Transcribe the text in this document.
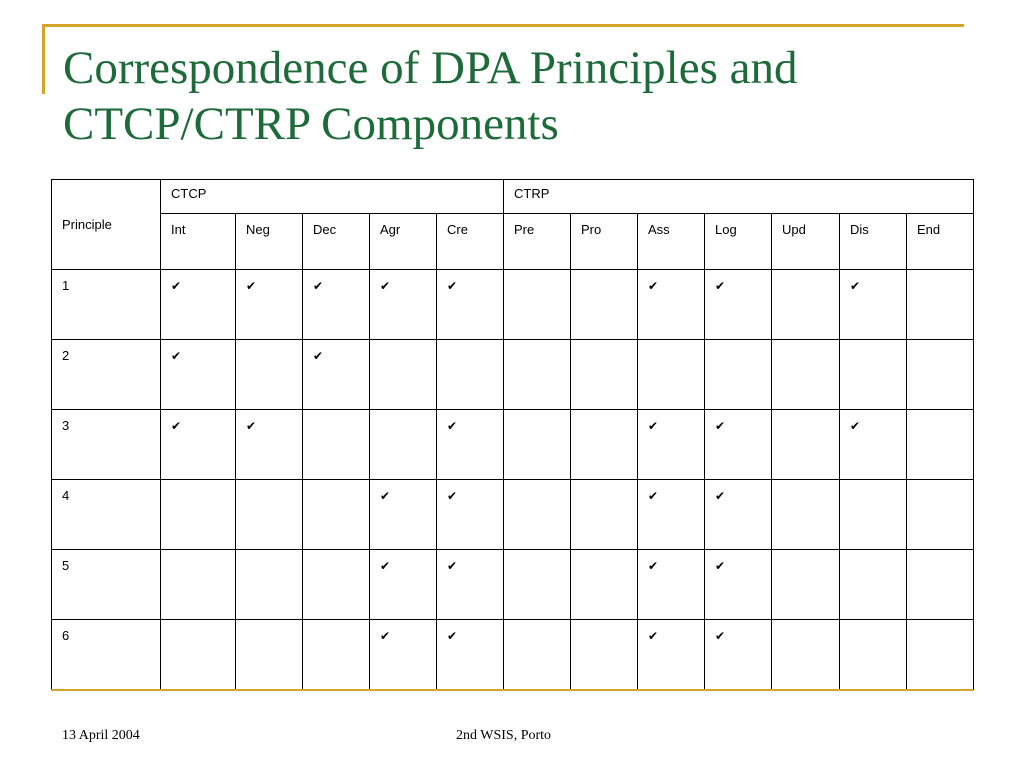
Correspondence of DPA Principles and
CTCP/CTRP Components
Principle	CTCP					CTRP						
	Int	Neg	Dec	Agr	Cre	Pre	Pro	Ass	Log	Upd	Dis	End
1	✔	✔	✔	✔	✔			✔	✔		✔	
2	✔		✔									
3	✔	✔			✔			✔	✔		✔	
4				✔	✔			✔	✔			
5				✔	✔			✔	✔			
6				✔	✔			✔	✔			

13 April 2004	2nd WSIS, Porto
